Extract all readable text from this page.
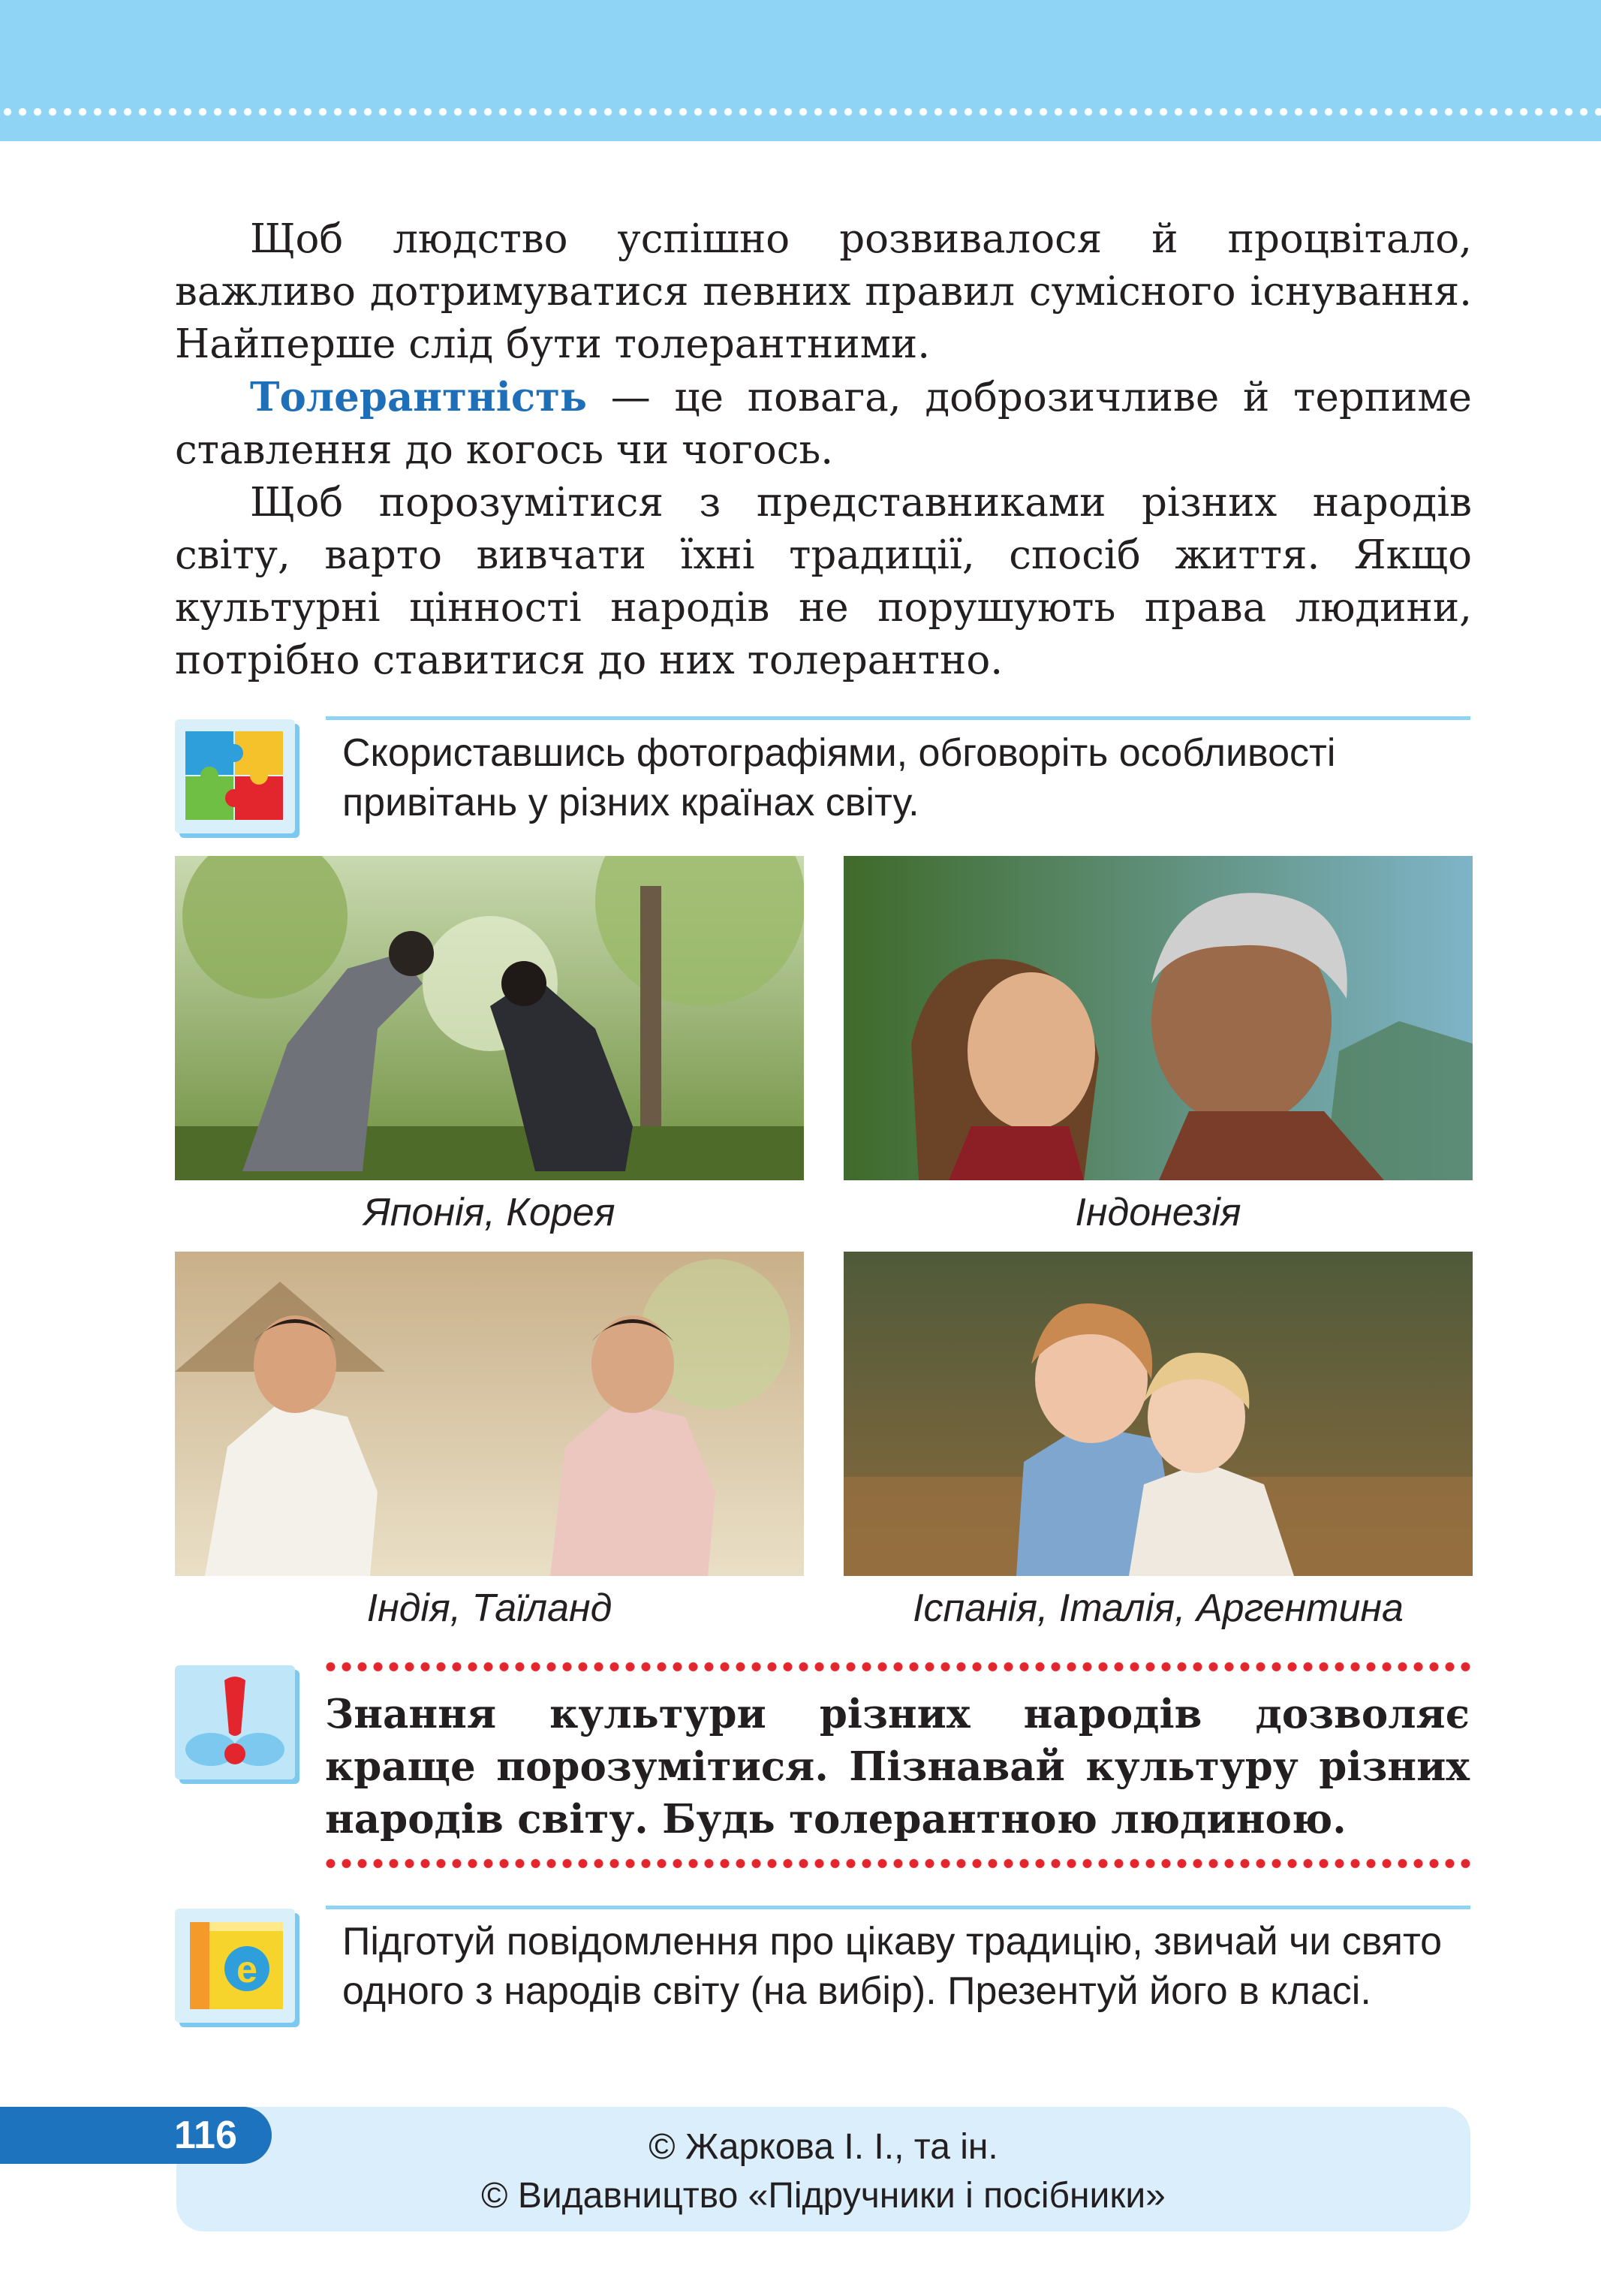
Щоб людство успішно розвивалося й процвітало, важливо дотримуватися певних правил сумісного існування. Найперше слід бути толерантними.

Толерантність — це повага, доброзичливе й терпиме ставлення до когось чи чогось.

Щоб порозумітися з представниками різних народів світу, варто вивчати їхні традиції, спосіб життя. Якщо культурні цінності народів не порушують права людини, потрібно ставитися до них толерантно.

Скориставшись фотографіями, обговоріть особливості привітань у різних країнах світу.
Японія, Корея	Індонезія
Індія, Таїланд	Іспанія, Італія, Аргентина
Знання культури різних народів дозволяє краще порозумітися. Пізнавай культуру різних народів світу. Будь толерантною людиною.
e
Підготуй повідомлення про цікаву традицію, звичай чи свято одного з народів світу (на вибір). Презентуй його в класі.
116	© Жаркова І. І., та ін.
© Видавництво «Підручники і посібники»
